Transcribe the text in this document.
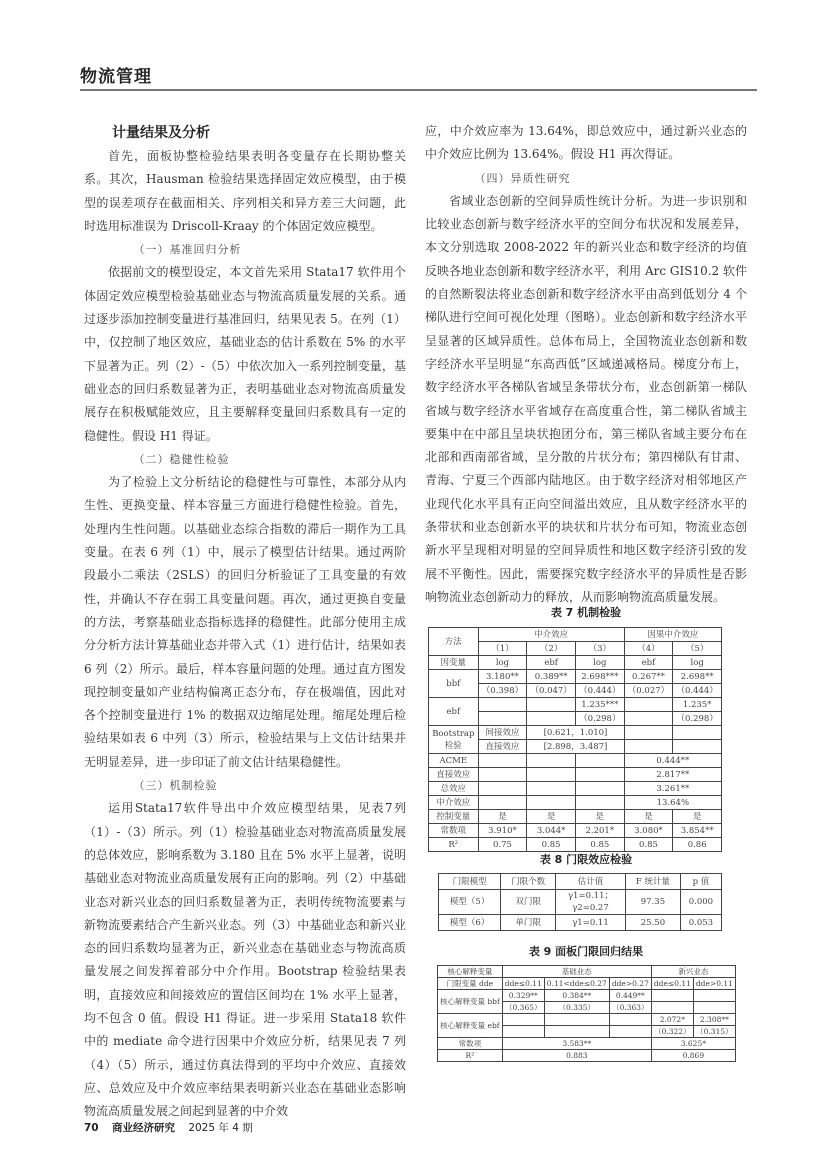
物流管理
计量结果及分析

首先，面板协整检验结果表明各变量存在长期协整关系。其次，Hausman 检验结果选择固定效应模型，由于模型的误差项存在截面相关、序列相关和异方差三大问题，此时选用标准误为 Driscoll-Kraay 的个体固定效应模型。

（一）基准回归分析

依据前文的模型设定，本文首先采用 Stata17 软件用个体固定效应模型检验基础业态与物流高质量发展的关系。通过逐步添加控制变量进行基准回归，结果见表 5。在列（1）中，仅控制了地区效应，基础业态的估计系数在 5% 的水平下显著为正。列（2）-（5）中依次加入一系列控制变量，基础业态的回归系数显著为正，表明基础业态对物流高质量发展存在积极赋能效应，且主要解释变量回归系数具有一定的稳健性。假设 H1 得证。

（二）稳健性检验

为了检验上文分析结论的稳健性与可靠性，本部分从内生性、更换变量、样本容量三方面进行稳健性检验。首先，处理内生性问题。以基础业态综合指数的滞后一期作为工具变量。在表 6 列（1）中，展示了模型估计结果。通过两阶段最小二乘法（2SLS）的回归分析验证了工具变量的有效性，并确认不存在弱工具变量问题。再次，通过更换自变量的方法，考察基础业态指标选择的稳健性。此部分使用主成分分析方法计算基础业态并带入式（1）进行估计，结果如表 6 列（2）所示。最后，样本容量问题的处理。通过直方图发现控制变量如产业结构偏离正态分布，存在极端值，因此对各个控制变量进行 1% 的数据双边缩尾处理。缩尾处理后检验结果如表 6 中列（3）所示，检验结果与上文估计结果并无明显差异，进一步印证了前文估计结果稳健性。

（三）机制检验

运用Stata17软件导出中介效应模型结果，见表7列（1）-（3）所示。列（1）检验基础业态对物流高质量发展的总体效应，影响系数为 3.180 且在 5% 水平上显著，说明基础业态对物流业高质量发展有正向的影响。列（2）中基础业态对新兴业态的回归系数显著为正，表明传统物流要素与新物流要素结合产生新兴业态。列（3）中基础业态和新兴业态的回归系数均显著为正，新兴业态在基础业态与物流高质量发展之间发挥着部分中介作用。Bootstrap 检验结果表明，直接效应和间接效应的置信区间均在 1% 水平上显著，均不包含 0 值。假设 H1 得证。进一步采用 Stata18 软件中的 mediate 命令进行因果中介效应分析，结果见表 7 列（4）（5）所示，通过仿真法得到的平均中介效应、直接效应、总效应及中介效应率结果表明新兴业态在基础业态影响物流高质量发展之间起到显著的中介效

应，中介效应率为 13.64%，即总效应中，通过新兴业态的中介效应比例为 13.64%。假设 H1 再次得证。

（四）异质性研究

省域业态创新的空间异质性统计分析。为进一步识别和比较业态创新与数字经济水平的空间分布状况和发展差异，本文分别选取 2008-2022 年的新兴业态和数字经济的均值反映各地业态创新和数字经济水平，利用 Arc GIS10.2 软件的自然断裂法将业态创新和数字经济水平由高到低划分 4 个梯队进行空间可视化处理（图略）。业态创新和数字经济水平呈显著的区域异质性。总体布局上，全国物流业态创新和数字经济水平呈明显“东高西低”区域递减格局。梯度分布上，数字经济水平各梯队省域呈条带状分布，业态创新第一梯队省域与数字经济水平省域存在高度重合性，第二梯队省域主要集中在中部且呈块状抱团分布，第三梯队省域主要分布在北部和西南部省域，呈分散的片状分布；第四梯队有甘肃、青海、宁夏三个西部内陆地区。由于数字经济对相邻地区产业现代化水平具有正向空间溢出效应，且从数字经济水平的条带状和业态创新水平的块状和片状分布可知，物流业态创新水平呈现相对明显的空间异质性和地区数字经济引致的发展不平衡性。因此，需要探究数字经济水平的异质性是否影响物流业态创新动力的释放，从而影响物流高质量发展。

表 7 机制检验

方法	中介效应			因果中介效应	
	（1）	（2）	（3）	（4）	（5）
因变量	log	ebf	log	ebf	log
bbf	3.180**	0.389**	2.698***	0.267**	2.698**
	（0.398）	（0.047）	（0.444）	（0.027）	（0.444）
ebf			1.235***		1.235*
			（0.298）		（0.298）
Bootstrap
检验	间接效应	[0.621，1.010]			
	直接效应	[2.898，3.487]			
ACME				0.444**	
直接效应				2.817**	
总效应				3.261**	
中介效应				13.64%	
控制变量	是	是	是	是	是
常数项	3.910*	3.044*	2.201*	3.080*	3.854**
R²	0.75	0.85	0.85	0.85	0.86

表 8 门限效应检验

门限模型	门限个数	估计值	F 统计量	p 值
模型（5）	双门限	γ1=0.11；
γ2=0.27	97.35	0.000
模型（6）	单门限	γ1=0.11	25.50	0.053

表 9 面板门限回归结果

核心解释变量	基础业态			新兴业态	
门限变量 dde	dde≤0.11	0.11<dde≤0.27	dde>0.27	dde≤0.11	dde>0.11
核心解释变量 bbf	0.329**	0.384**	0.449**		
	（0.365）	（0.335）	（0.363）		
核心解释变量 ebf				2.072*	2.308**
				（0.322）	（0.315）
常数项	3.583**			3.625*	
R²	0.883			0.869	
70 商业经济研究 2025 年 4 期
